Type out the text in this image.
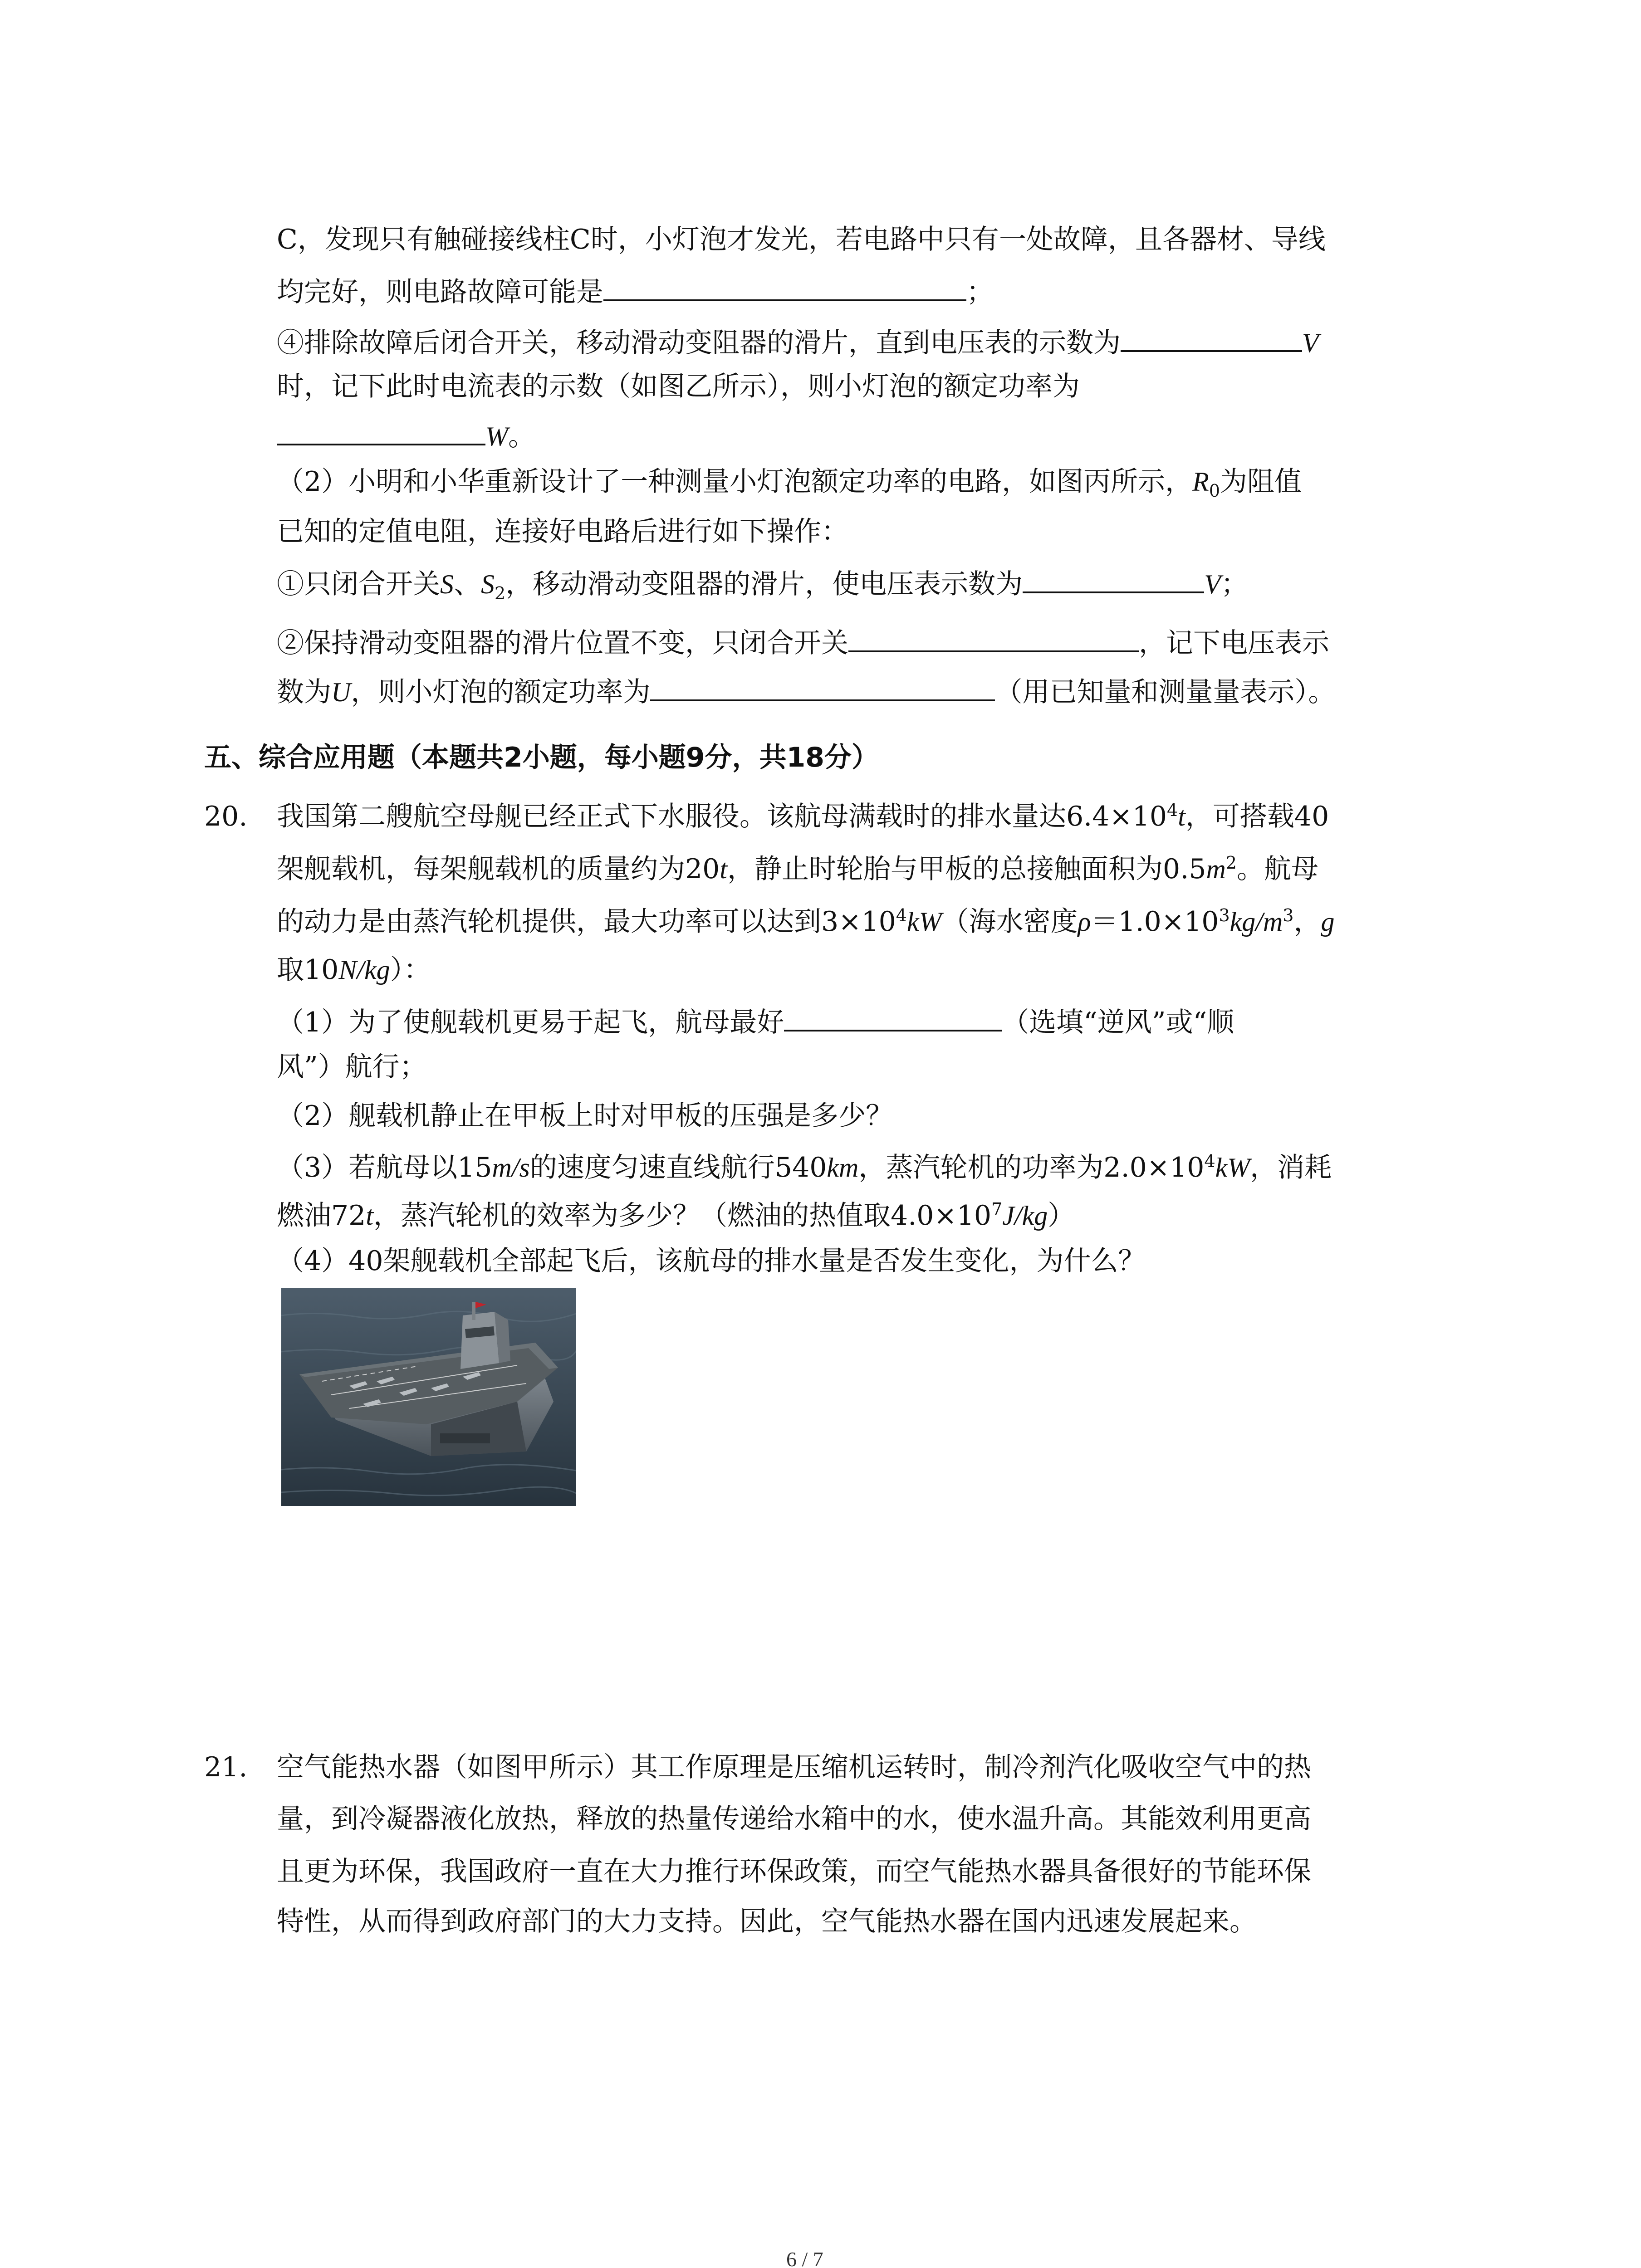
C，发现只有触碰接线柱C时，小灯泡才发光，若电路中只有一处故障，且各器材、导线
均完好，则电路故障可能是	；
④排除故障后闭合开关，移动滑动变阻器的滑片，直到电压表的示数为	V
时，记下此时电流表的示数（如图乙所示），则小灯泡的额定功率为
W。
（2）小明和小华重新设计了一种测量小灯泡额定功率的电路，如图丙所示，$R_0$为阻值
已知的定值电阻，连接好电路后进行如下操作：
①只闭合开关S、$S_2$，移动滑动变阻器的滑片，使电压表示数为	V；
②保持滑动变阻器的滑片位置不变，只闭合开关	，记下电压表示
数为U，则小灯泡的额定功率为	（用已知量和测量量表示）。
五、综合应用题（本题共2小题，每小题9分，共18分）
20. 我国第二艘航空母舰已经正式下水服役。该航母满载时的排水量达$6.4\times 10^4t$，可搭载40
架舰载机，每架舰载机的质量约为20t，静止时轮胎与甲板的总接触面积为$0.5m^2$。航母
的动力是由蒸汽轮机提供，最大功率可以达到$3\times 10^4kW$（海水密度$\rho=1.0\times 10^3kg/m^3$，g
取10N/kg）：
（1）为了使舰载机更易于起飞，航母最好	（选填“逆风”或“顺
风”）航行；
（2）舰载机静止在甲板上时对甲板的压强是多少？
（3）若航母以15m/s的速度匀速直线航行540km，蒸汽轮机的功率为$2.0\times 10^4kW$，消耗
燃油72t，蒸汽轮机的效率为多少？（燃油的热值取$4.0\times 10^7J/kg$）
（4）40架舰载机全部起飞后，该航母的排水量是否发生变化，为什么？
21. 空气能热水器（如图甲所示）其工作原理是压缩机运转时，制冷剂汽化吸收空气中的热
量，到冷凝器液化放热，释放的热量传递给水箱中的水，使水温升高。其能效利用更高
且更为环保，我国政府一直在大力推行环保政策，而空气能热水器具备很好的节能环保
特性，从而得到政府部门的大力支持。因此，空气能热水器在国内迅速发展起来。
6 / 7
